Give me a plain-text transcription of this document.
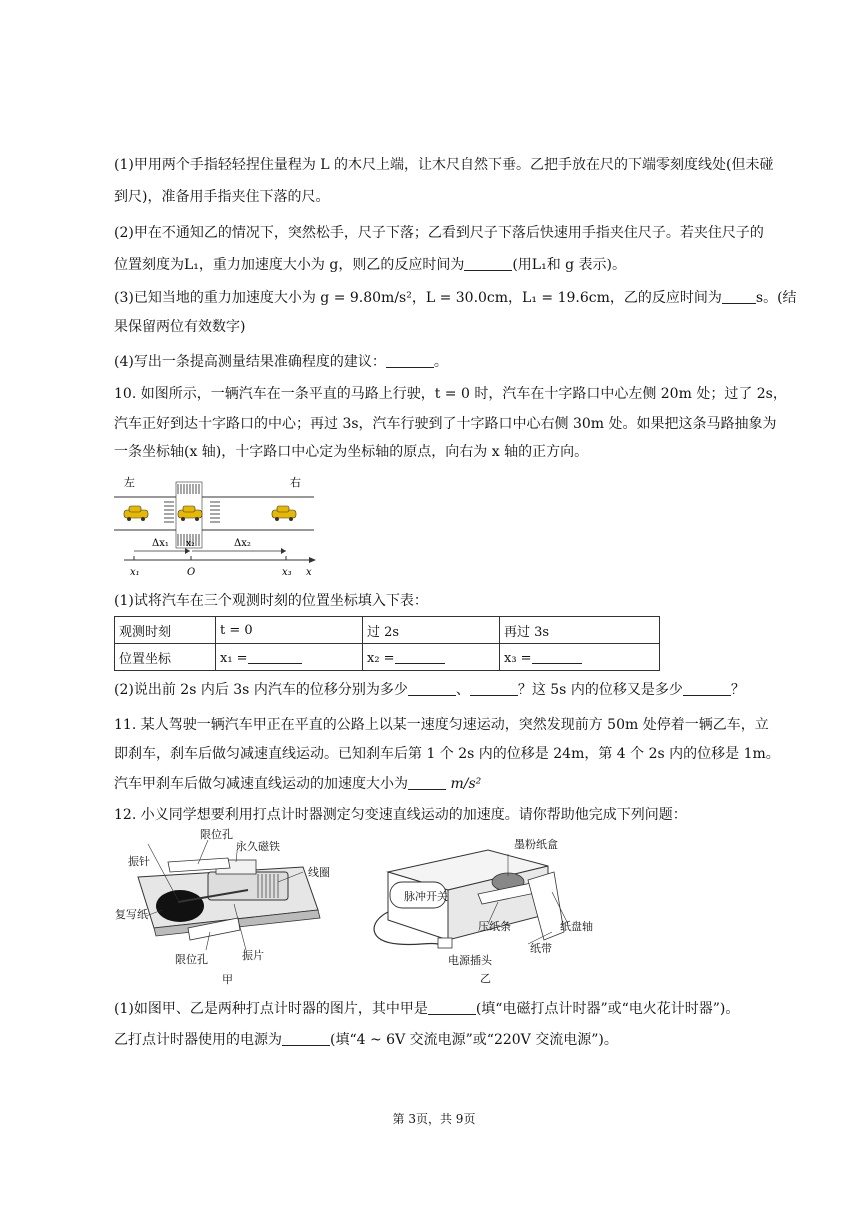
(1)甲用两个手指轻轻捏住量程为 L 的木尺上端，让木尺自然下垂。乙把手放在尺的下端零刻度线处(但未碰
到尺)，准备用手指夹住下落的尺。
(2)甲在不通知乙的情况下，突然松手，尺子下落；乙看到尺子下落后快速用手指夹住尺子。若夹住尺子的
位置刻度为L₁，重力加速度大小为 g，则乙的反应时间为	(用L₁和 g 表示)。
(3)已知当地的重力加速度大小为 g = 9.80m/s²，L = 30.0cm，L₁ = 19.6cm，乙的反应时间为 s。(结
果保留两位有效数字)
(4)写出一条提高测量结果准确程度的建议：	。
10. 如图所示，一辆汽车在一条平直的马路上行驶，t = 0 时，汽车在十字路口中心左侧 20m 处；过了 2s，
汽车正好到达十字路口的中心；再过 3s，汽车行驶到了十字路口中心右侧 30m 处。如果把这条马路抽象为
一条坐标轴(x 轴)，十字路口中心定为坐标轴的原点，向右为 x 轴的正方向。
左	右
Δx₁ x₂	Δx₂
x₁	O	x₃ x
(1)试将汽车在三个观测时刻的位置坐标填入下表：
观测时刻	t = 0	过 2s	再过 3s
位置坐标	x₁ =	x₂ =	x₃ =
(2)说出前 2s 内后 3s 内汽车的位移分别为多少	、	？这 5s 内的位移又是多少	？
11. 某人驾驶一辆汽车甲正在平直的公路上以某一速度匀速运动，突然发现前方 50m 处停着一辆乙车，立
即刹车，刹车后做匀减速直线运动。已知刹车后第 1 个 2s 内的位移是 24m，第 4 个 2s 内的位移是 1m。
汽车甲刹车后做匀减速直线运动的加速度大小为	m/s²
12. 小义同学想要利用打点计时器测定匀变速直线运动的加速度。请你帮助他完成下列问题：
限位孔
永久磁铁
振针
线圈
复写纸
限位孔	振片
甲
墨粉纸盒
脉冲开关
压纸条	纸盘轴
纸带
电源插头
乙
(1)如图甲、乙是两种打点计时器的图片，其中甲是	(填“电磁打点计时器”或“电火花计时器”)。
乙打点计时器使用的电源为	(填“4 ~ 6V 交流电源”或“220V 交流电源”)。
第 3页，共 9页
